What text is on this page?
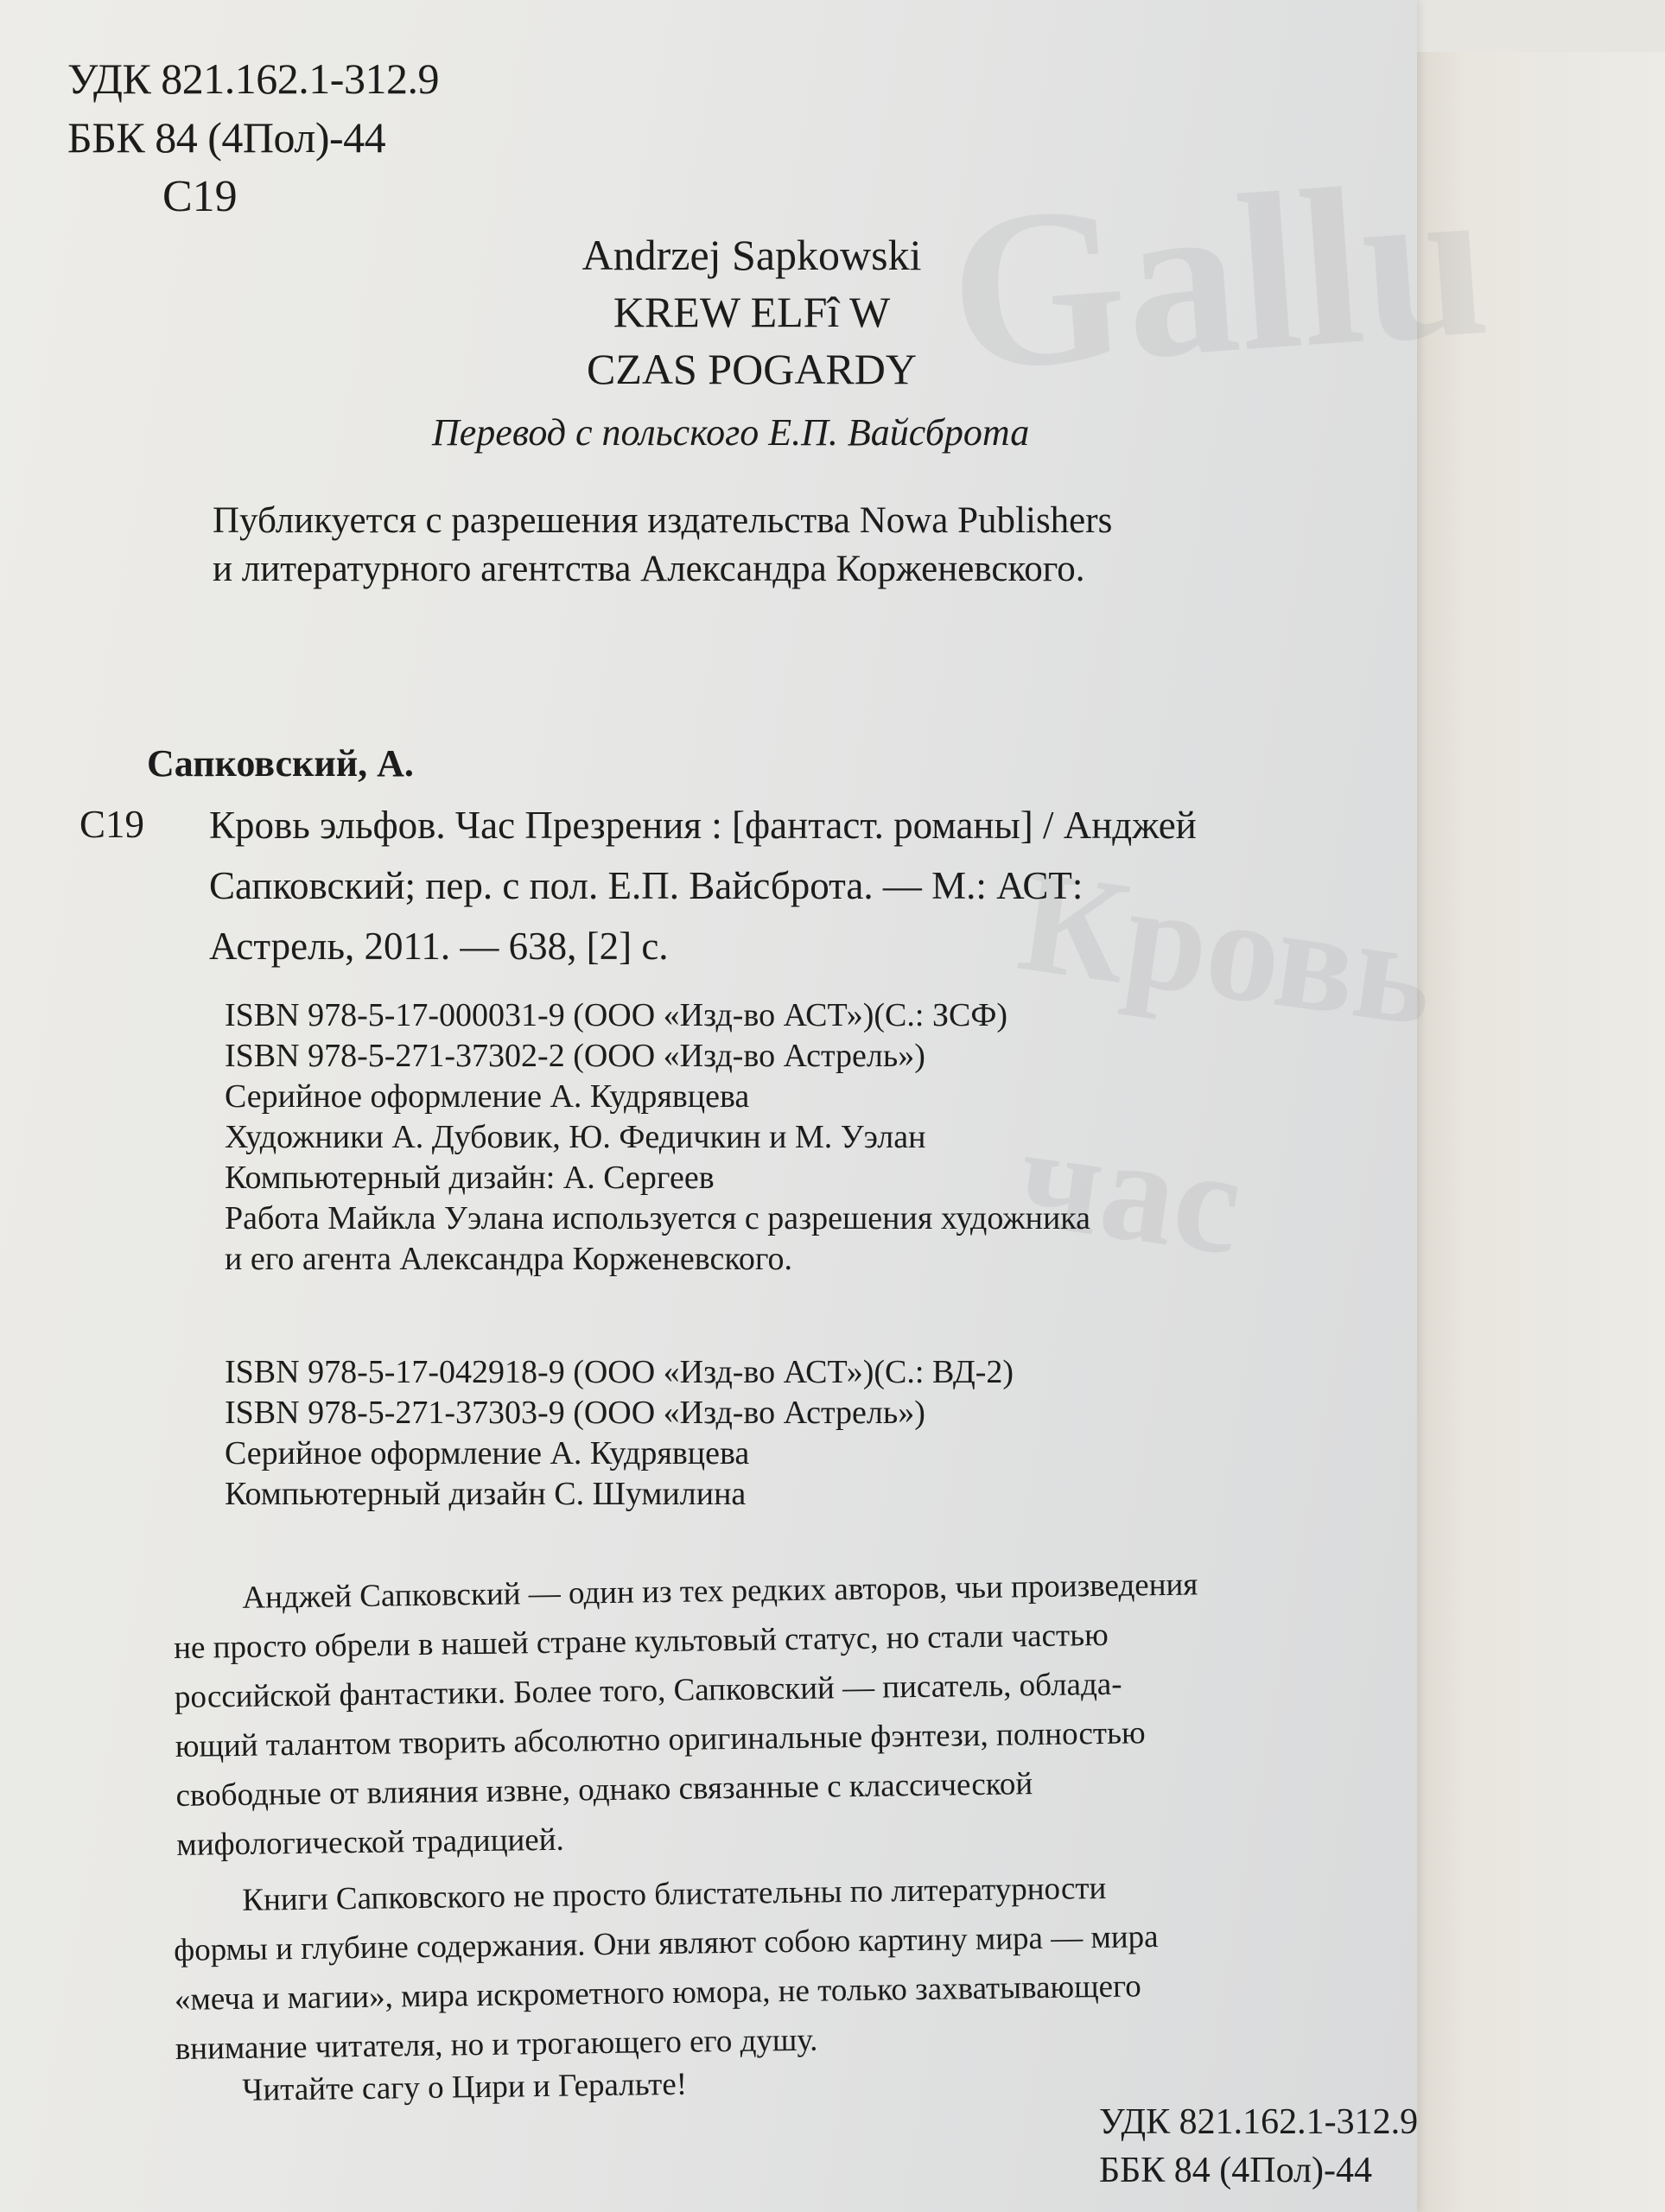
Gallu
Кровь
час
УДК 821.162.1-312.9
ББК 84 (4Пол)-44
С19
Andrzej Sapkowski
KREW ELFî W
CZAS POGARDY
Перевод с польского Е.П. Вайсброта
Публикуется с разрешения издательства Nowa Publishers
и литературного агентства Александра Корженевского.
Сапковский, А.
С19 Кровь эльфов. Час Презрения : [фантаст. романы] / Анджей
Сапковский; пер. с пол. Е.П. Вайсброта. — М.: АСТ:
Астрель, 2011. — 638, [2] с.
ISBN 978-5-17-000031-9 (ООО «Изд-во АСТ»)(С.: ЗСФ)
ISBN 978-5-271-37302-2 (ООО «Изд-во Астрель»)
Серийное оформление А. Кудрявцева
Художники А. Дубовик, Ю. Федичкин и М. Уэлан
Компьютерный дизайн: А. Сергеев
Работа Майкла Уэлана используется с разрешения художника
и его агента Александра Корженевского.
ISBN 978-5-17-042918-9 (ООО «Изд-во АСТ»)(С.: ВД-2)
ISBN 978-5-271-37303-9 (ООО «Изд-во Астрель»)
Серийное оформление А. Кудрявцева
Компьютерный дизайн С. Шумилина
Анджей Сапковский — один из тех редких авторов, чьи произведения
не просто обрели в нашей стране культовый статус, но стали частью
российской фантастики. Более того, Сапковский — писатель, облада-
ющий талантом творить абсолютно оригинальные фэнтези, полностью
свободные от влияния извне, однако связанные с классической
мифологической традицией.
Книги Сапковского не просто блистательны по литературности
формы и глубине содержания. Они являют собою картину мира — мира
«меча и магии», мира искрометного юмора, не только захватывающего
внимание читателя, но и трогающего его душу.
Читайте сагу о Цири и Геральте!
УДК 821.162.1-312.9
ББК 84 (4Пол)-44
